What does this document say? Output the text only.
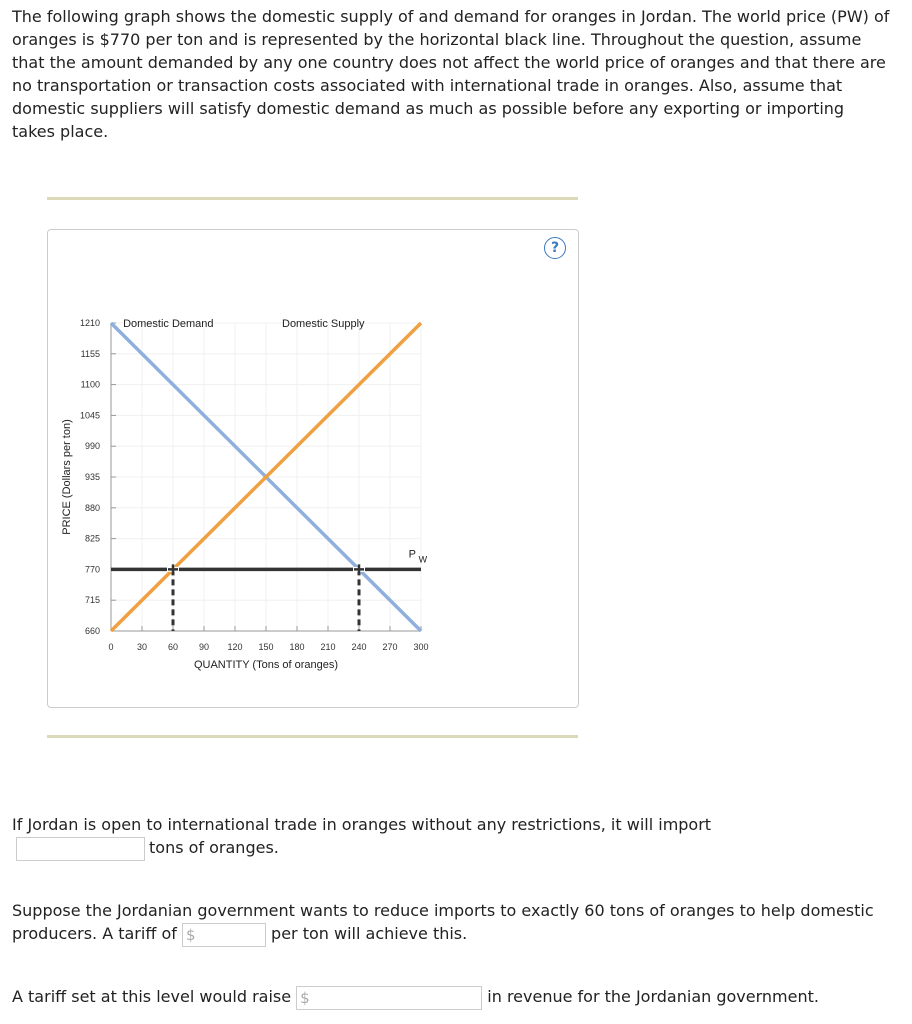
The following graph shows the domestic supply of and demand for oranges in Jordan. The world price (PW) of oranges is $770 per ton and is represented by the horizontal black line. Throughout the question, assume that the amount demanded by any one country does not affect the world price of oranges and that there are no transportation or transaction costs associated with international trade in oranges. Also, assume that domestic suppliers will satisfy domestic demand as much as possible before any exporting or importing takes place.

?
660
715
770
825
880
935
990
1045
1100
1155
1210
0	30 60 90 120 150 180 210 240 270 300
QUANTITY (Tons of oranges)
PRICE (Dollars per ton)
Domestic Demand	Domestic Supply
P W
If Jordan is open to international trade in oranges without any restrictions, it will import
tons of oranges.
Suppose the Jordanian government wants to reduce imports to exactly 60 tons of oranges to help domestic producers. A tariff of $	per ton will achieve this.
A tariff set at this level would raise $	in revenue for the Jordanian government.
